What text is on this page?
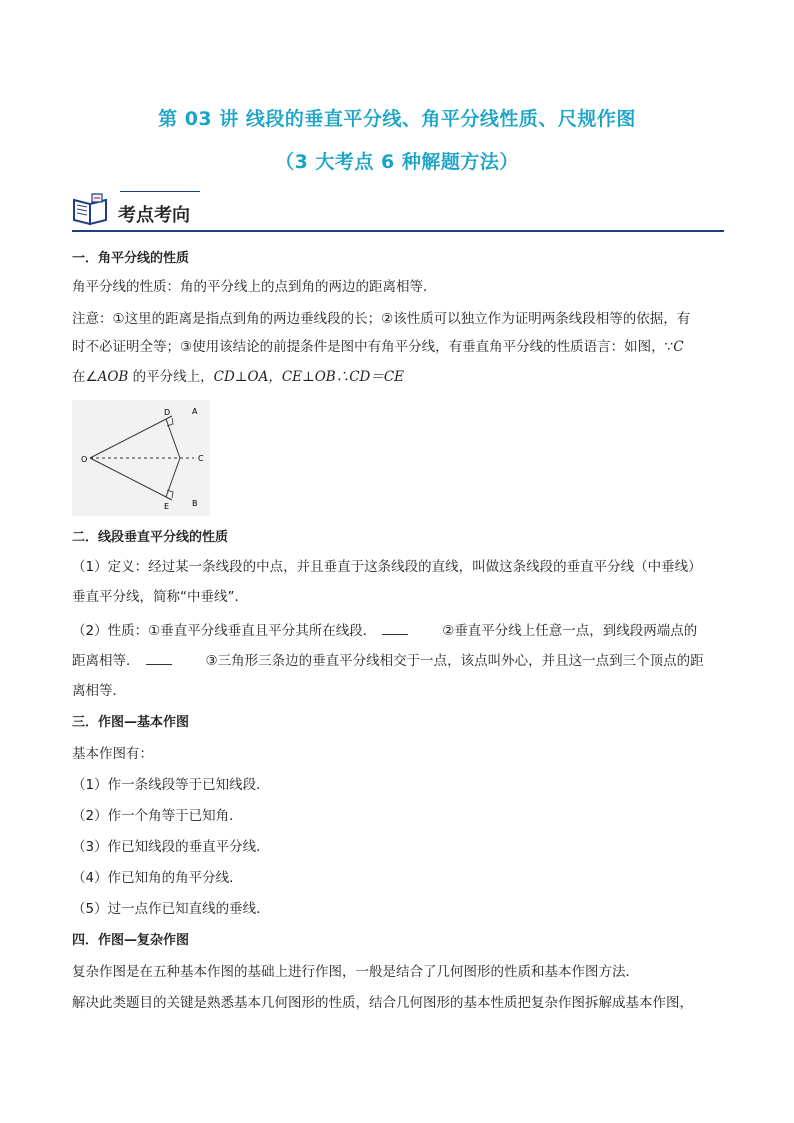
第 03 讲 线段的垂直平分线、角平分线性质、尺规作图
（3 大考点 6 种解题方法）
考点考向
一．角平分线的性质
角平分线的性质：角的平分线上的点到角的两边的距离相等．
注意：①这里的距离是指点到角的两边垂线段的长；②该性质可以独立作为证明两条线段相等的依据，有
时不必证明全等；③使用该结论的前提条件是图中有角平分线，有垂直角平分线的性质语言：如图，∵C
在∠AOB 的平分线上，CD⊥OA，CE⊥OB∴CD＝CE
O
A
B
C
D
E
二．线段垂直平分线的性质
（1）定义：经过某一条线段的中点，并且垂直于这条线段的直线，叫做这条线段的垂直平分线（中垂线）
垂直平分线，简称“中垂线”．
（2）性质：①垂直平分线垂直且平分其所在线段．	②垂直平分线上任意一点，到线段两端点的
距离相等．	③三角形三条边的垂直平分线相交于一点，该点叫外心，并且这一点到三个顶点的距
离相等．
三．作图—基本作图
基本作图有：
（1）作一条线段等于已知线段．
（2）作一个角等于已知角．
（3）作已知线段的垂直平分线．
（4）作已知角的角平分线．
（5）过一点作已知直线的垂线．
四．作图—复杂作图
复杂作图是在五种基本作图的基础上进行作图，一般是结合了几何图形的性质和基本作图方法．
解决此类题目的关键是熟悉基本几何图形的性质，结合几何图形的基本性质把复杂作图拆解成基本作图，
